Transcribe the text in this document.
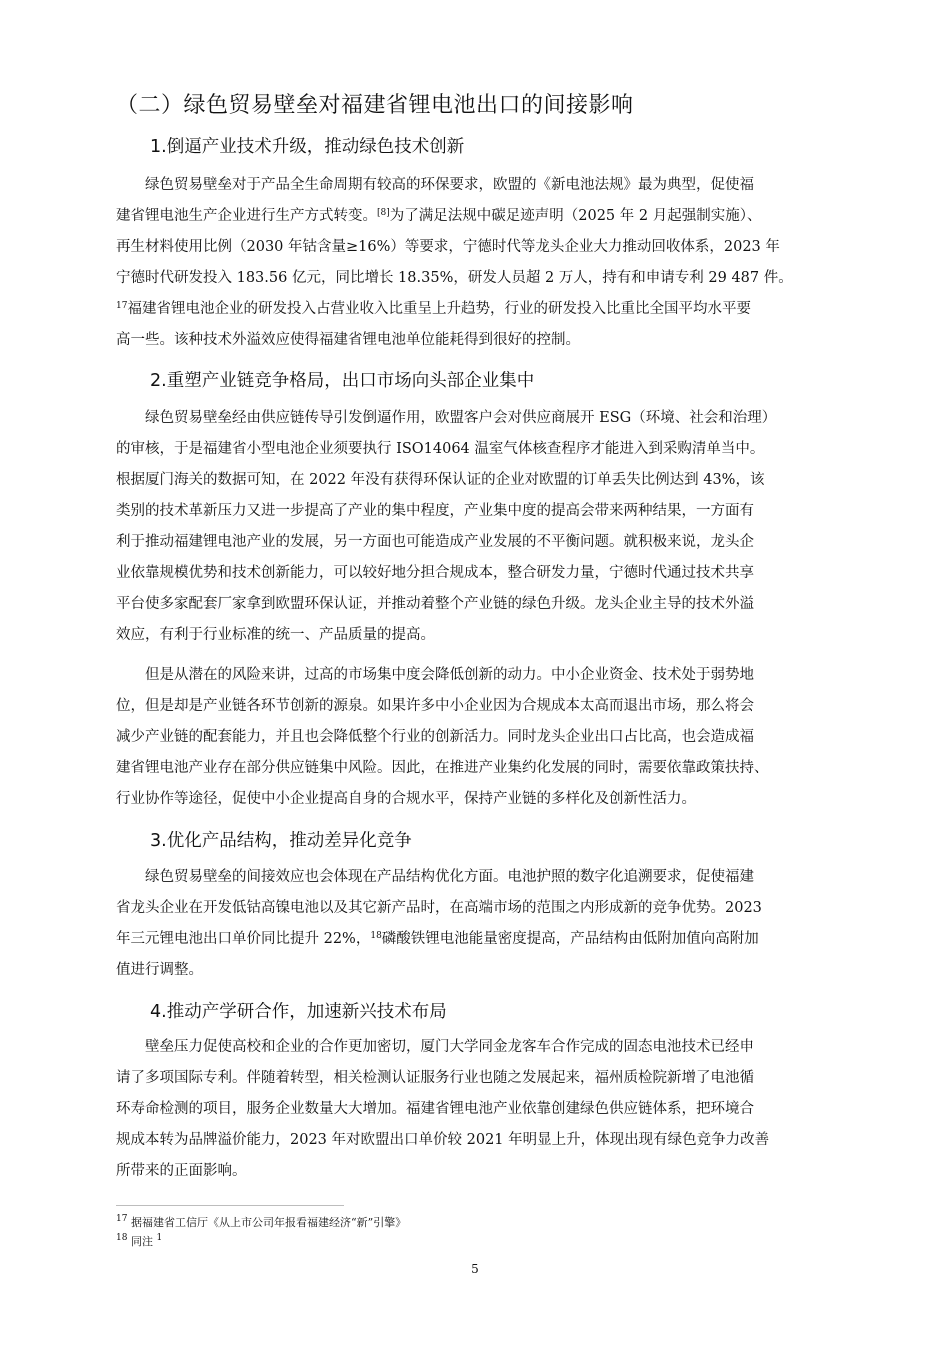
（二）绿色贸易壁垒对福建省锂电池出口的间接影响
1.倒逼产业技术升级，推动绿色技术创新
　　绿色贸易壁垒对于产品全生命周期有较高的环保要求，欧盟的《新电池法规》最为典型，促使福
建省锂电池生产企业进行生产方式转变。[8]为了满足法规中碳足迹声明（2025 年 2 月起强制实施）、
再生材料使用比例（2030 年钴含量≥16%）等要求，宁德时代等龙头企业大力推动回收体系，2023 年
宁德时代研发投入 183.56 亿元，同比增长 18.35%，研发人员超 2 万人，持有和申请专利 29 487 件。
$^{17}$福建省锂电池企业的研发投入占营业收入比重呈上升趋势，行业的研发投入比重比全国平均水平要
高一些。该种技术外溢效应使得福建省锂电池单位能耗得到很好的控制。
2.重塑产业链竞争格局，出口市场向头部企业集中
　　绿色贸易壁垒经由供应链传导引发倒逼作用，欧盟客户会对供应商展开 ESG（环境、社会和治理）
的审核，于是福建省小型电池企业须要执行 ISO14064 温室气体核查程序才能进入到采购清单当中。
根据厦门海关的数据可知，在 2022 年没有获得环保认证的企业对欧盟的订单丢失比例达到 43%，该
类别的技术革新压力又进一步提高了产业的集中程度，产业集中度的提高会带来两种结果，一方面有
利于推动福建锂电池产业的发展，另一方面也可能造成产业发展的不平衡问题。就积极来说，龙头企
业依靠规模优势和技术创新能力，可以较好地分担合规成本，整合研发力量，宁德时代通过技术共享
平台使多家配套厂家拿到欧盟环保认证，并推动着整个产业链的绿色升级。龙头企业主导的技术外溢
效应，有利于行业标准的统一、产品质量的提高。
　　但是从潜在的风险来讲，过高的市场集中度会降低创新的动力。中小企业资金、技术处于弱势地
位，但是却是产业链各环节创新的源泉。如果许多中小企业因为合规成本太高而退出市场，那么将会
减少产业链的配套能力，并且也会降低整个行业的创新活力。同时龙头企业出口占比高，也会造成福
建省锂电池产业存在部分供应链集中风险。因此，在推进产业集约化发展的同时，需要依靠政策扶持、
行业协作等途径，促使中小企业提高自身的合规水平，保持产业链的多样化及创新性活力。
3.优化产品结构，推动差异化竞争
　　绿色贸易壁垒的间接效应也会体现在产品结构优化方面。电池护照的数字化追溯要求，促使福建
省龙头企业在开发低钴高镍电池以及其它新产品时，在高端市场的范围之内形成新的竞争优势。2023
年三元锂电池出口单价同比提升 22%，$^{18}$磷酸铁锂电池能量密度提高，产品结构由低附加值向高附加
值进行调整。
4.推动产学研合作，加速新兴技术布局
　　壁垒压力促使高校和企业的合作更加密切，厦门大学同金龙客车合作完成的固态电池技术已经申
请了多项国际专利。伴随着转型，相关检测认证服务行业也随之发展起来，福州质检院新增了电池循
环寿命检测的项目，服务企业数量大大增加。福建省锂电池产业依靠创建绿色供应链体系，把环境合
规成本转为品牌溢价能力，2023 年对欧盟出口单价较 2021 年明显上升，体现出现有绿色竞争力改善
所带来的正面影响。
$^{17}$ 据福建省工信厅《从上市公司年报看福建经济“新”引擎》
$^{18}$ 同注 $^1$
5
